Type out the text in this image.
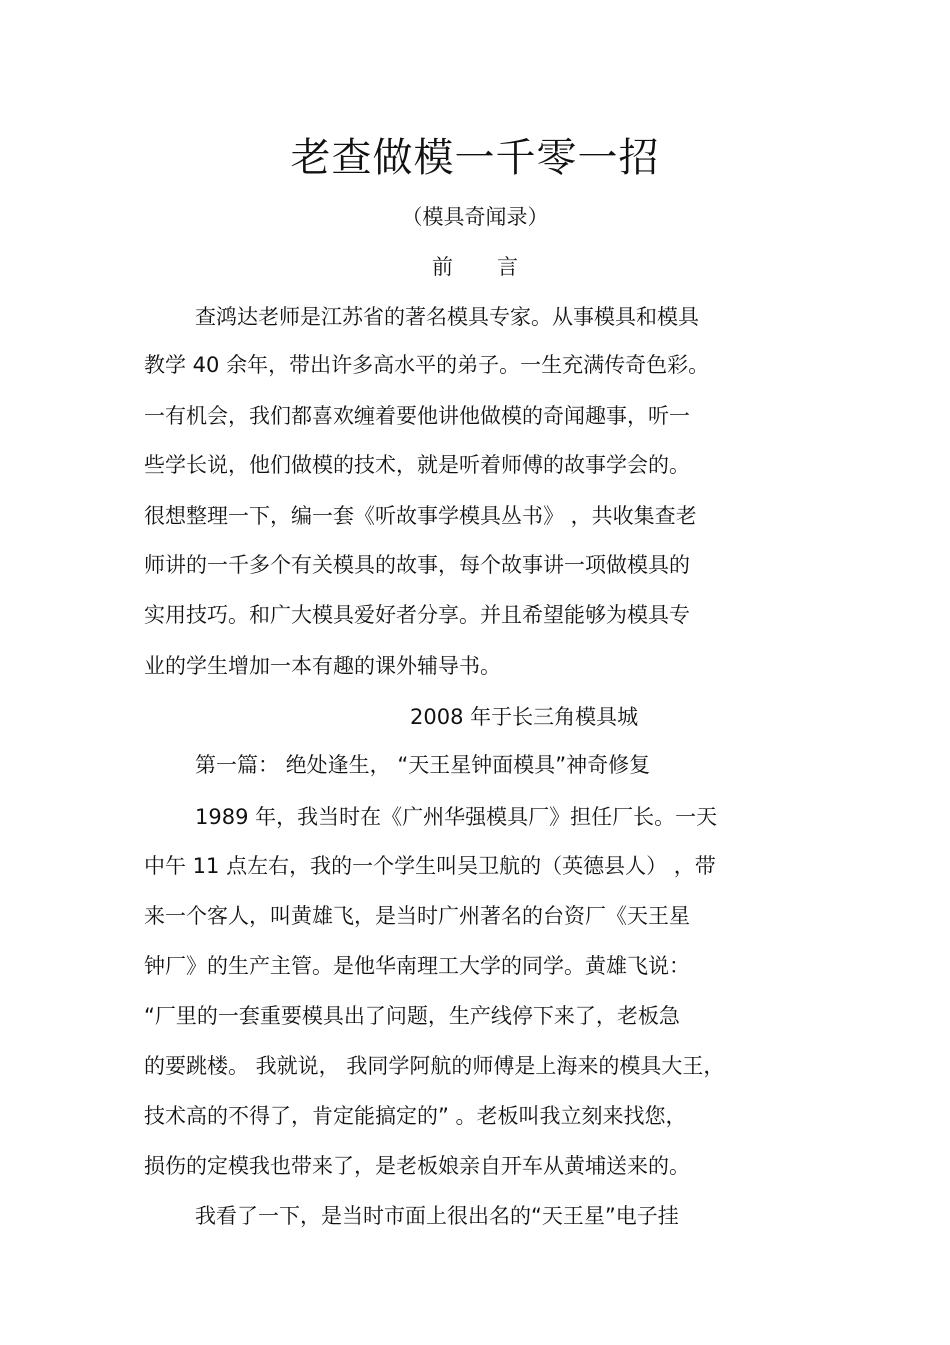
老查做模一千零一招
（模具奇闻录）
前 言
查鸿达老师是江苏省的著名模具专家。从事模具和模具
教学 40 余年，带出许多高水平的弟子。一生充满传奇色彩。
一有机会，我们都喜欢缠着要他讲他做模的奇闻趣事，听一
些学长说，他们做模的技术，就是听着师傅的故事学会的。
很想整理一下，编一套《听故事学模具丛书》 ，共收集查老
师讲的一千多个有关模具的故事，每个故事讲一项做模具的
实用技巧。和广大模具爱好者分享。并且希望能够为模具专
业的学生增加一本有趣的课外辅导书。
2008 年于长三角模具城
第一篇： 绝处逢生， “天王星钟面模具”神奇修复
1989 年，我当时在《广州华强模具厂》担任厂长。一天
中午 11 点左右，我的一个学生叫吴卫航的（英德县人） ，带
来一个客人，叫黄雄飞，是当时广州著名的台资厂《天王星
钟厂》的生产主管。是他华南理工大学的同学。黄雄飞说：
“厂里的一套重要模具出了问题，生产线停下来了，老板急
的要跳楼。 我就说， 我同学阿航的师傅是上海来的模具大王，
技术高的不得了，肯定能搞定的” 。老板叫我立刻来找您，
损伤的定模我也带来了，是老板娘亲自开车从黄埔送来的。
我看了一下，是当时市面上很出名的“天王星”电子挂
